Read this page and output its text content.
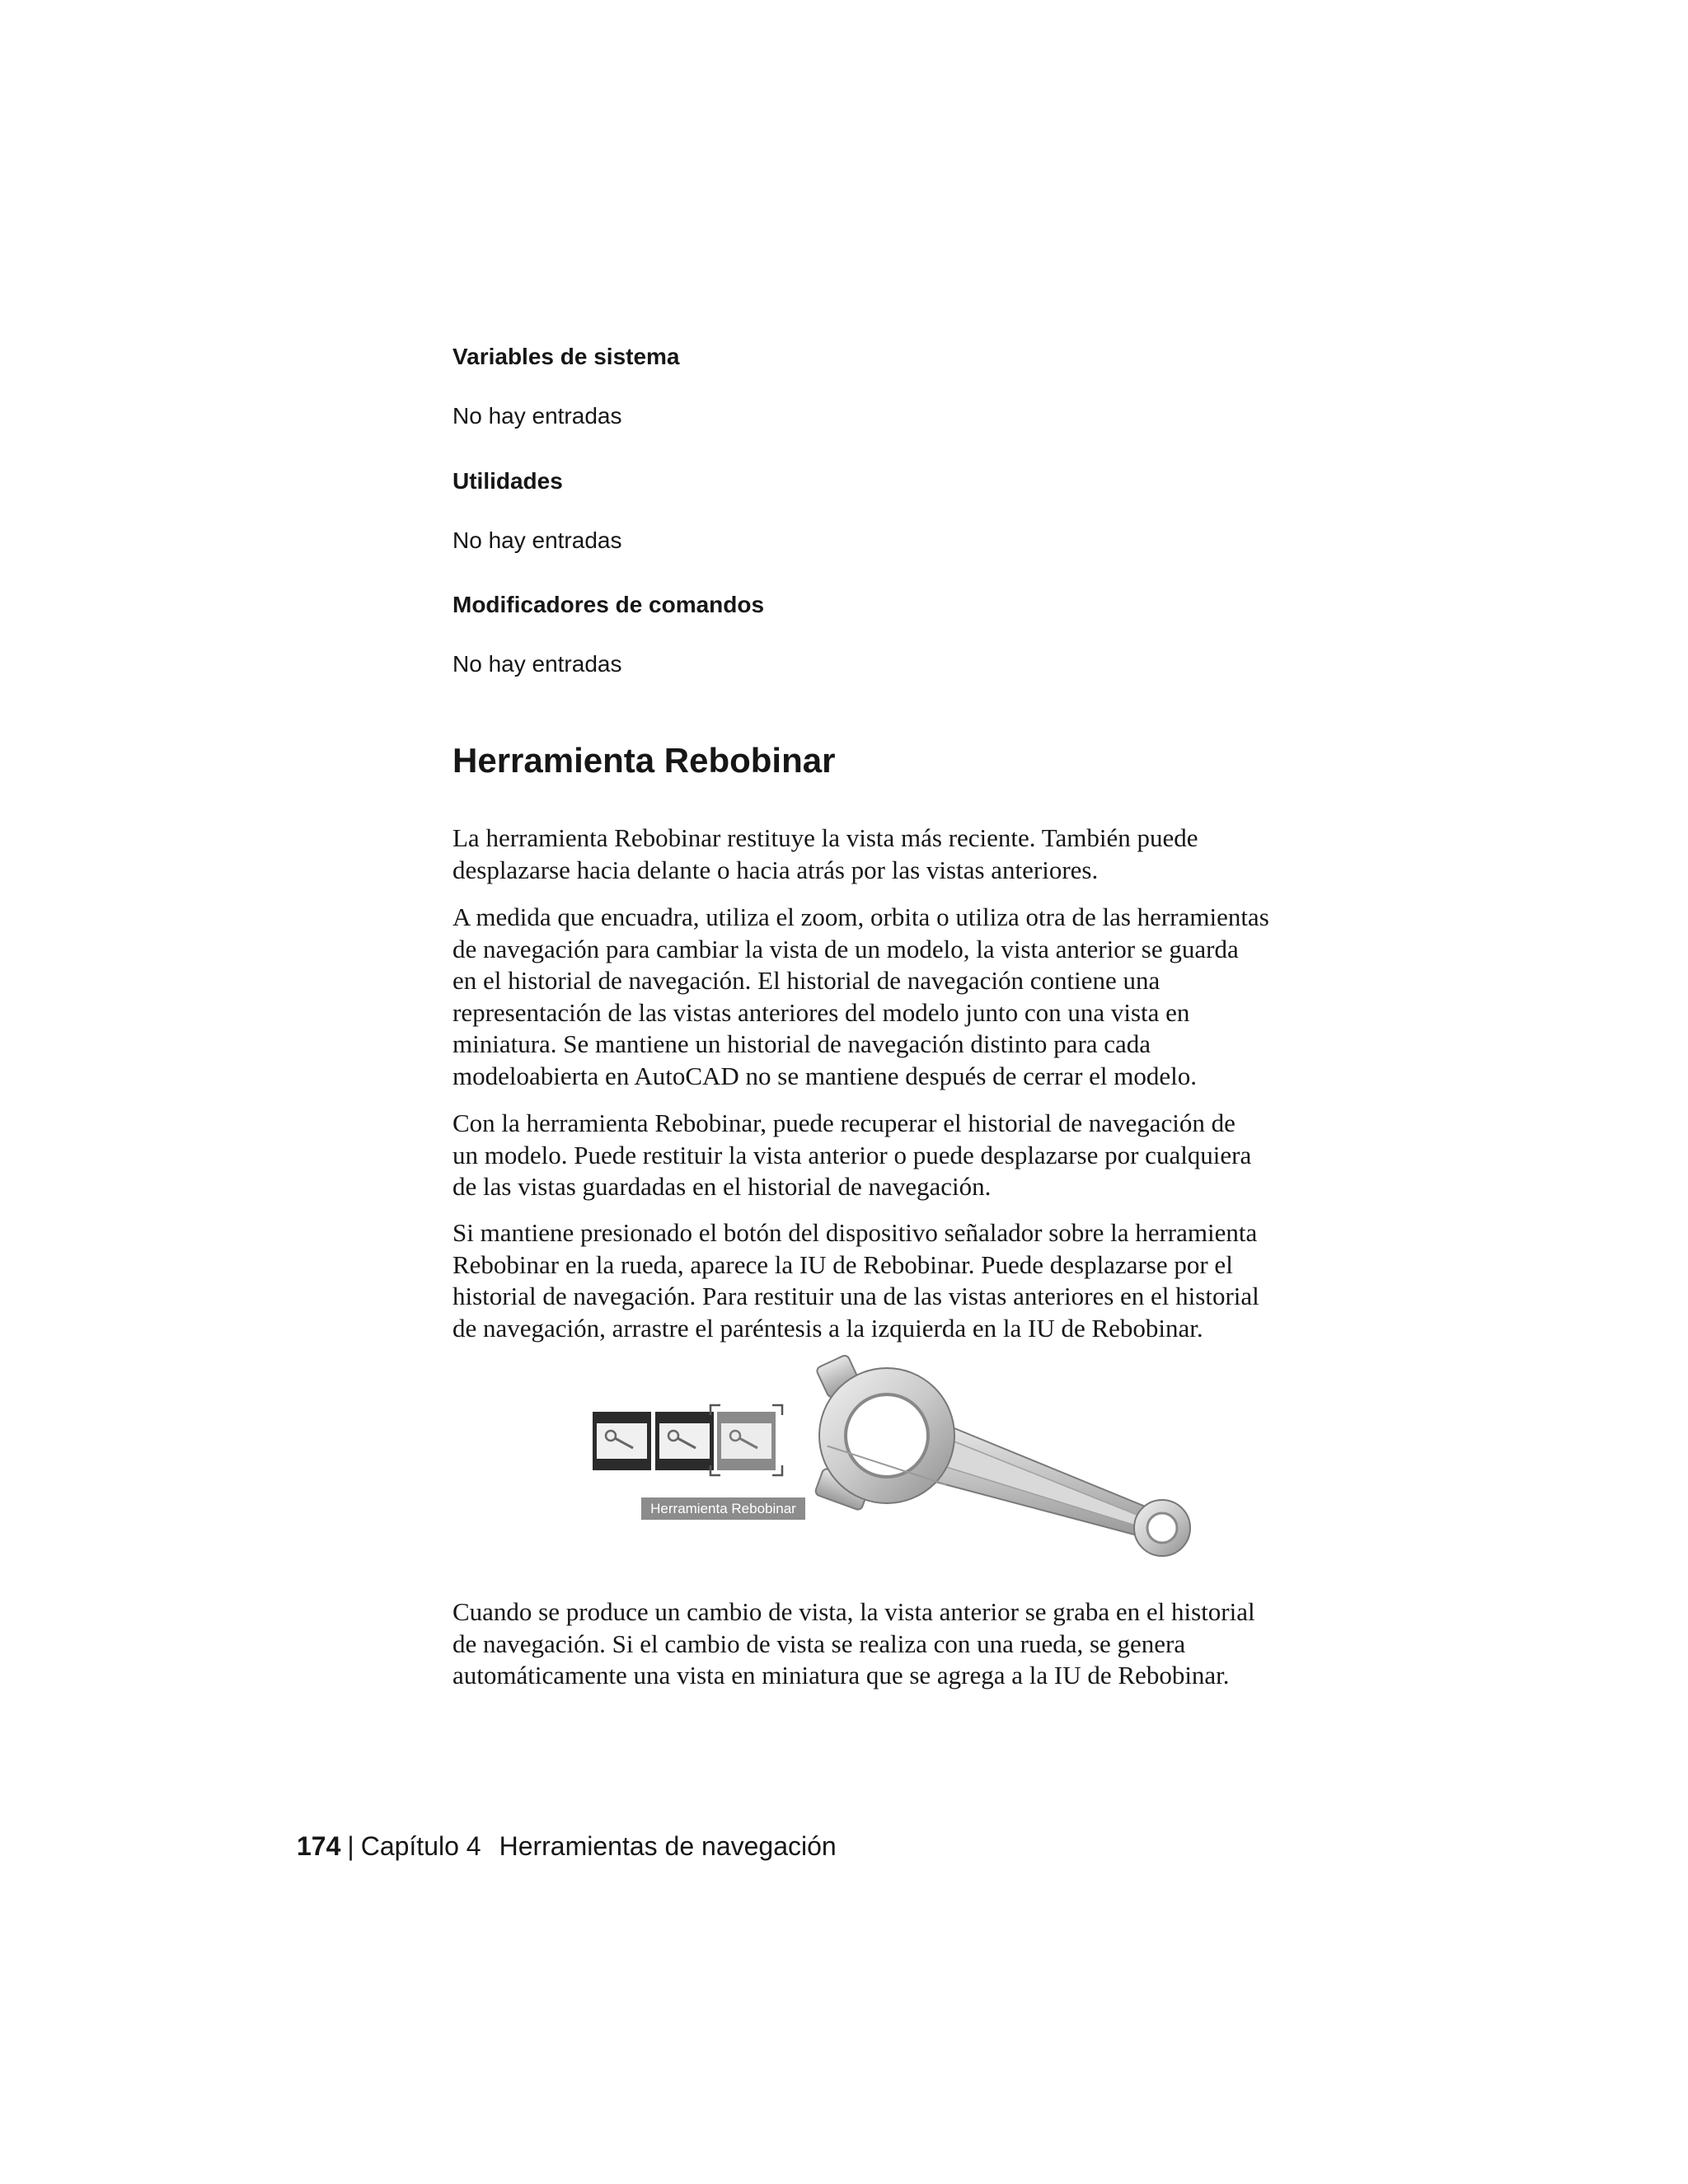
Variables de sistema
No hay entradas
Utilidades
No hay entradas
Modificadores de comandos
No hay entradas
Herramienta Rebobinar
La herramienta Rebobinar restituye la vista más reciente. También puede
desplazarse hacia delante o hacia atrás por las vistas anteriores.
A medida que encuadra, utiliza el zoom, orbita o utiliza otra de las herramientas
de navegación para cambiar la vista de un modelo, la vista anterior se guarda
en el historial de navegación. El historial de navegación contiene una
representación de las vistas anteriores del modelo junto con una vista en
miniatura. Se mantiene un historial de navegación distinto para cada
modeloabierta en AutoCAD no se mantiene después de cerrar el modelo.
Con la herramienta Rebobinar, puede recuperar el historial de navegación de
un modelo. Puede restituir la vista anterior o puede desplazarse por cualquiera
de las vistas guardadas en el historial de navegación.
Si mantiene presionado el botón del dispositivo señalador sobre la herramienta
Rebobinar en la rueda, aparece la IU de Rebobinar. Puede desplazarse por el
historial de navegación. Para restituir una de las vistas anteriores en el historial
de navegación, arrastre el paréntesis a la izquierda en la IU de Rebobinar.
Herramienta Rebobinar
Cuando se produce un cambio de vista, la vista anterior se graba en el historial
de navegación. Si el cambio de vista se realiza con una rueda, se genera
automáticamente una vista en miniatura que se agrega a la IU de Rebobinar.
174 | Capítulo 4 Herramientas de navegación
